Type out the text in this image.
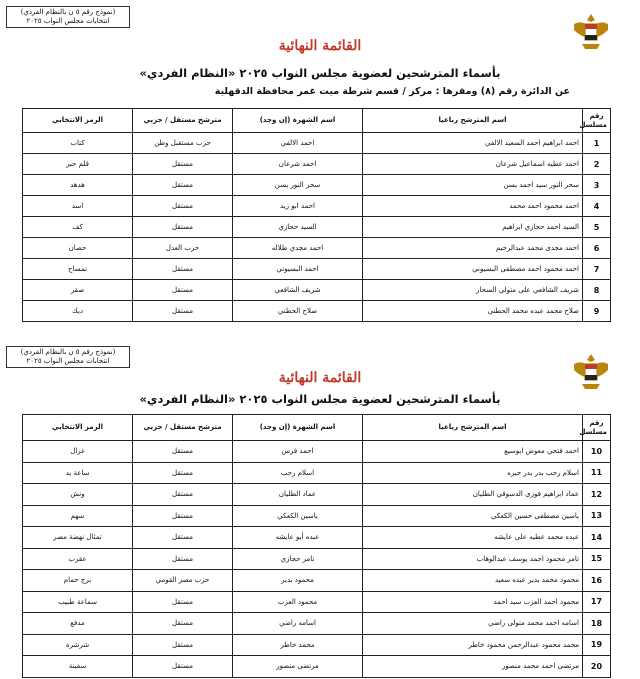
(نموذج رقم ٥ ن بالنظام الفردي)
انتخابات مجلس النواب ٢٠٢٥
القائمة النهائية
بأسماء المترشحين لعضوية مجلس النواب ٢٠٢٥ «النظام الفردي»
عن الدائرة رقم (٨) ومقرها : مركز / قسم شرطة ميت غمر محافظة الدقهلية
رقم مسلسل	اسم المترشح رباعيا	اسم الشهرة (إن وجد)	مترشح مستقل / حزبي	الرمز الانتخابي
1	احمد ابراهيم احمد السعيد الالفي	احمد الالفي	حزب مستقبل وطن	كتاب
2	احمد عطيه اسماعيل شرعان	احمد شرعان	مستقل	قلم حبر
3	سحر النور سيد احمد يسن	سحر النور يسن	مستقل	هدهد
4	احمد محمود احمد محمد	احمد ابو زيد	مستقل	اسد
5	السيد احمد حجازي ابراهيم	السيد حجازي	مستقل	كف
6	احمد مجدى محمد عبدالرحيم	احمد مجدي طلاله	حزب العدل	حصان
7	احمد محمود احمد مصطفى البسيوني	احمد البسيوني	مستقل	تمساح
8	شريف الشافعي على متولي السحار	شريف الشافعي	مستقل	صقر
9	صلاح محمد عبده محمد الحطنى	صلاح الحطني	مستقل	ديك
(نموذج رقم ٥ ن بالنظام الفردي)
انتخابات مجلس النواب ٢٠٢٥
القائمة النهائية
بأسماء المترشحين لعضوية مجلس النواب ٢٠٢٥ «النظام الفردي»
رقم مسلسل	اسم المترشح رباعيا	اسم الشهرة (إن وجد)	مترشح مستقل / حزبي	الرمز الانتخابي
10	احمد فتحي معوض ابوسيع	احمد فرس	مستقل	غزال
11	اسلام رجب بدر بدر جبره	اسلام رجب	مستقل	ساعة يد
12	عماد ابراهيم فوزى الدسوقي الطليان	عماد الطليان	مستقل	ونش
13	ياسين مصطفى حسين الكعكي	ياسين الكعكي	مستقل	سهم
14	عبده محمد عطيه على عايشه	عبده أبو عايشه	مستقل	تمثال نهضة مصر
15	تامر محمود احمد يوسف عبدالوهاب	تامر حجازي	مستقل	عقرب
16	محمود محمد بدير عبده سعيد	محمود بدير	حزب مصر القومي	برج حمام
17	محمود احمد العزب سيد احمد	محمود العزب	مستقل	سماعة طبيب
18	اسامه احمد محمد متولى راضي	اسامه راضي	مستقل	مدفع
19	محمد محمود عبدالرحمن محمود خاطر	محمد خاطر	مستقل	شرشرة
20	مرتضى احمد محمد منصور	مرتضى منصور	مستقل	سفينة
